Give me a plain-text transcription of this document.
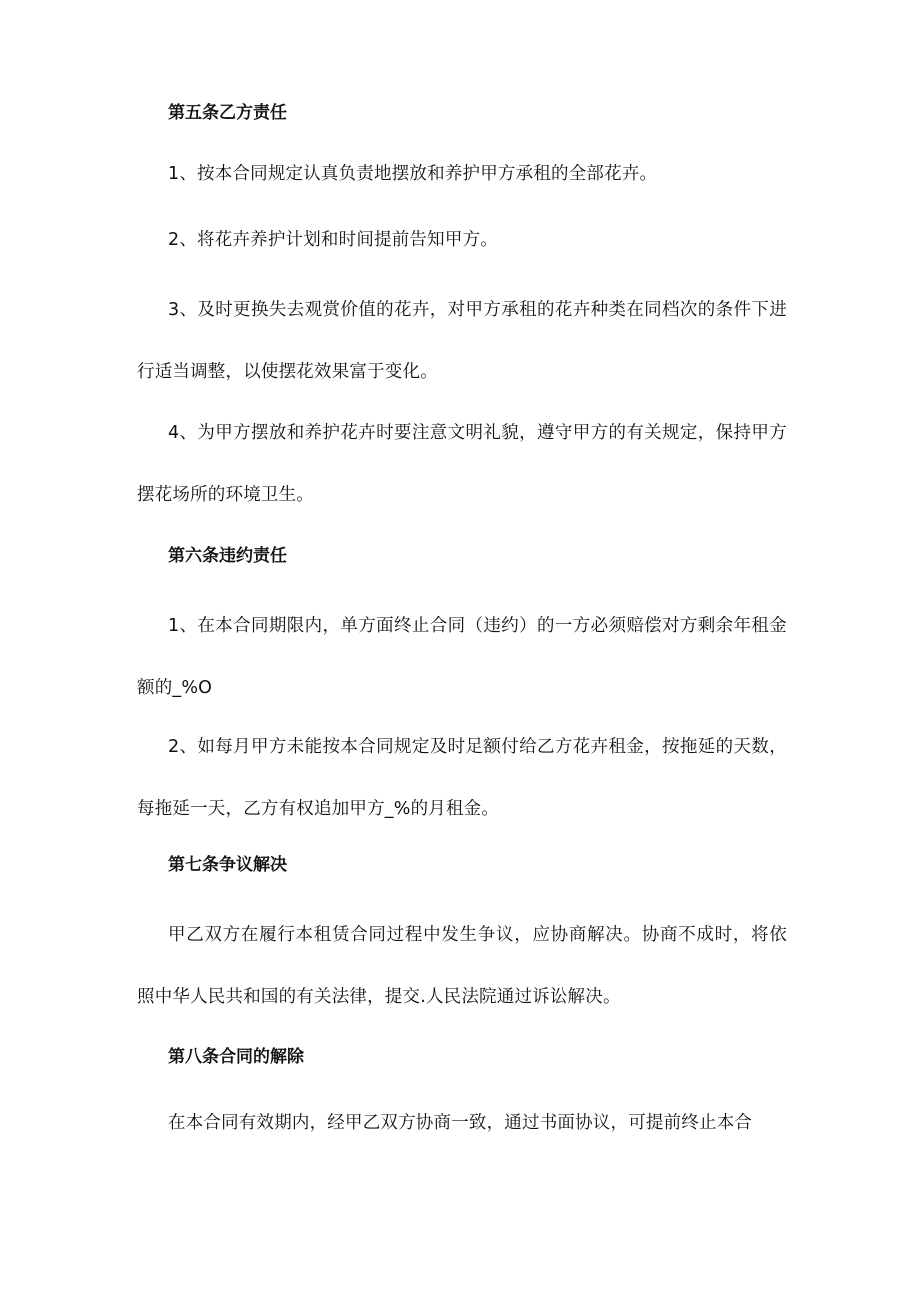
第五条乙方责任

1、按本合同规定认真负责地摆放和养护甲方承租的全部花卉。

2、将花卉养护计划和时间提前告知甲方。

3、及时更换失去观赏价值的花卉，对甲方承租的花卉种类在同档次的条件下进行适当调整，以使摆花效果富于变化。

4、为甲方摆放和养护花卉时要注意文明礼貌，遵守甲方的有关规定，保持甲方摆花场所的环境卫生。

第六条违约责任

1、在本合同期限内，单方面终止合同（违约）的一方必须赔偿对方剩余年租金额的_%O

2、如每月甲方未能按本合同规定及时足额付给乙方花卉租金，按拖延的天数，每拖延一天，乙方有权追加甲方_%的月租金。

第七条争议解决

甲乙双方在履行本租赁合同过程中发生争议，应协商解决。协商不成时，将依照中华人民共和国的有关法律，提交.人民法院通过诉讼解决。

第八条合同的解除

在本合同有效期内，经甲乙双方协商一致，通过书面协议，可提前终止本合
